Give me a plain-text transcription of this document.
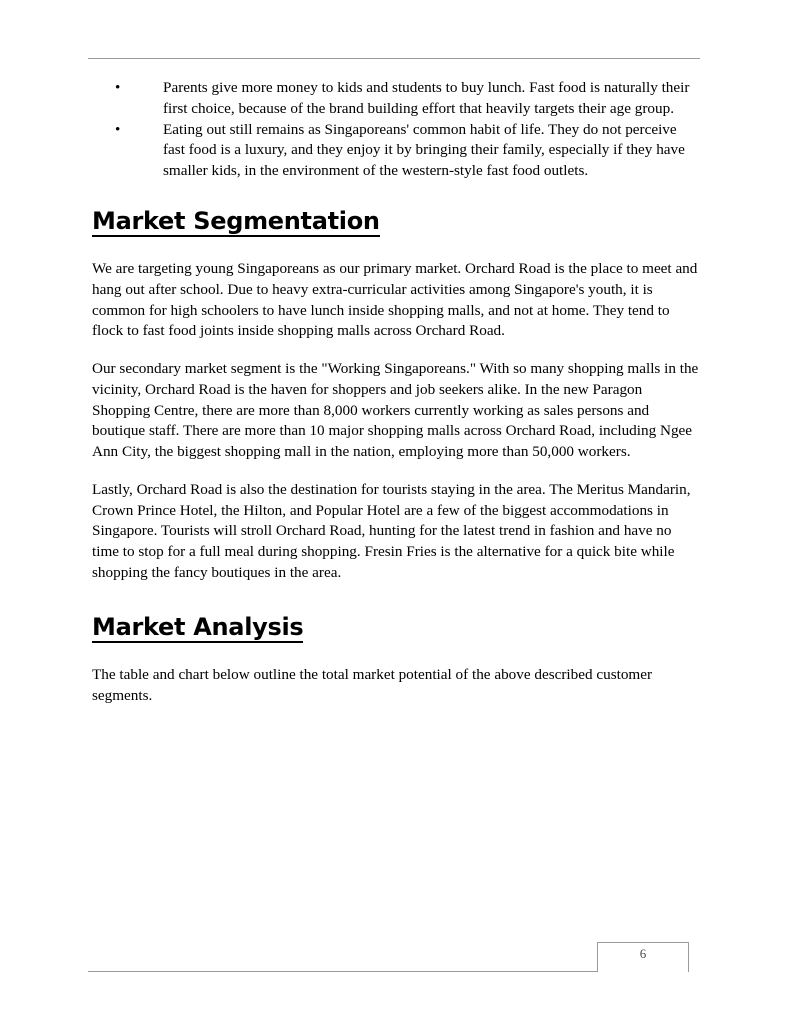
•	Parents give more money to kids and students to buy lunch. Fast food is naturally their first choice, because of the brand building effort that heavily targets their age group.
•	Eating out still remains as Singaporeans' common habit of life. They do not perceive fast food is a luxury, and they enjoy it by bringing their family, especially if they have smaller kids, in the environment of the western-style fast food outlets.
Market Segmentation

We are targeting young Singaporeans as our primary market. Orchard Road is the place to meet and hang out after school. Due to heavy extra-curricular activities among Singapore's youth, it is common for high schoolers to have lunch inside shopping malls, and not at home. They tend to flock to fast food joints inside shopping malls across Orchard Road.

Our secondary market segment is the "Working Singaporeans." With so many shopping malls in the vicinity, Orchard Road is the haven for shoppers and job seekers alike. In the new Paragon Shopping Centre, there are more than 8,000 workers currently working as sales persons and boutique staff. There are more than 10 major shopping malls across Orchard Road, including Ngee Ann City, the biggest shopping mall in the nation, employing more than 50,000 workers.

Lastly, Orchard Road is also the destination for tourists staying in the area. The Meritus Mandarin, Crown Prince Hotel, the Hilton, and Popular Hotel are a few of the biggest accommodations in Singapore. Tourists will stroll Orchard Road, hunting for the latest trend in fashion and have no time to stop for a full meal during shopping. Fresin Fries is the alternative for a quick bite while shopping the fancy boutiques in the area.

Market Analysis

The table and chart below outline the total market potential of the above described customer segments.

6
